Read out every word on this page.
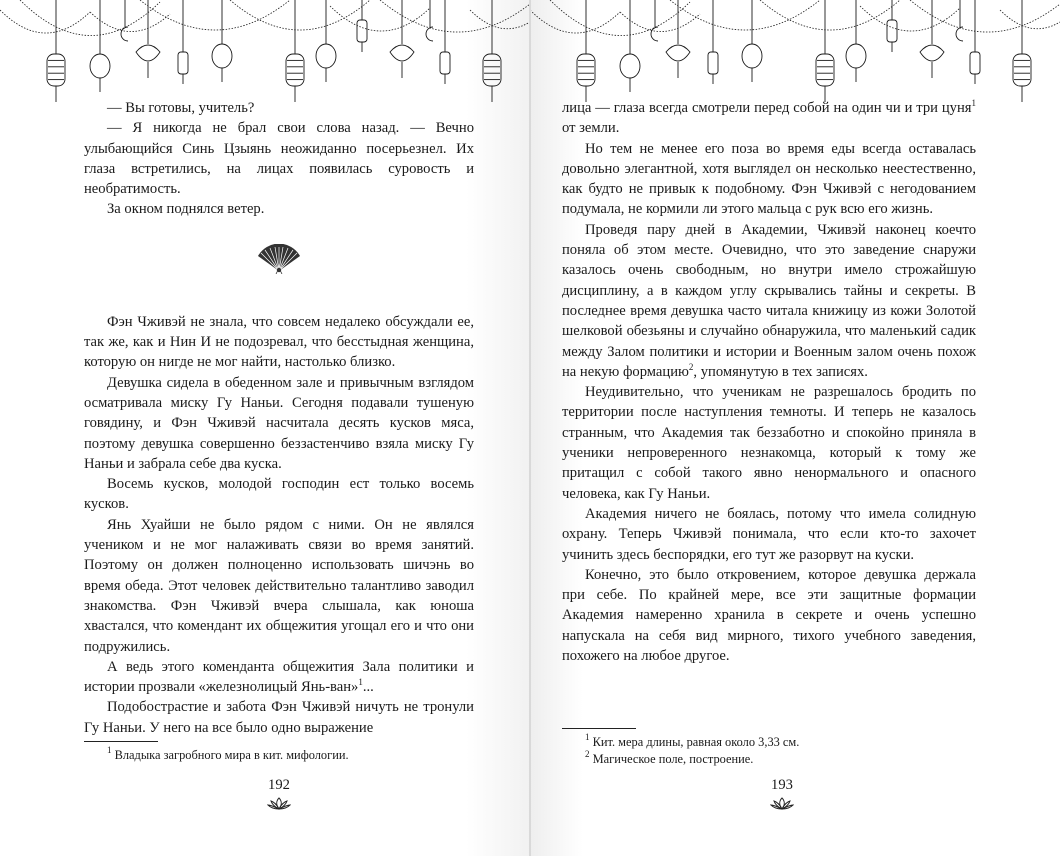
— Вы готовы, учитель?

— Я никогда не брал свои слова назад. — Вечно улыбающийся Синь Цзыянь неожиданно посерьезнел. Их глаза встретились, на лицах появилась суровость и необратимость.

За окном поднялся ветер.

Фэн Чживэй не знала, что совсем недалеко обсуждали ее, так же, как и Нин И не подозревал, что бесстыдная женщина, которую он нигде не мог найти, настолько близко.

Девушка сидела в обеденном зале и привычным взглядом осматривала миску Гу Наньи. Сегодня подавали тушеную говядину, и Фэн Чживэй насчитала десять кусков мяса, поэтому девушка совершенно беззастенчиво взяла миску Гу Наньи и забрала себе два куска.

Восемь кусков, молодой господин ест только восемь кусков.

Янь Хуайши не было рядом с ними. Он не являлся учеником и не мог налаживать связи во время занятий. Поэтому он должен полноценно использовать шичэнь во время обеда. Этот человек действительно талантливо заводил знакомства. Фэн Чживэй вчера слышала, как юноша хвастался, что комендант их общежития угощал его и что они подружились.

А ведь этого коменданта общежития Зала политики и истории прозвали «железнолицый Янь-ван»$^1$...

Подобострастие и забота Фэн Чживэй ничуть не тронули Гу Наньи. У него на все было одно выражение

$^1$ Владыка загробного мира в кит. мифологии.

192

лица — глаза всегда смотрели перед собой на один чи и три цуня$^1$ от земли.

Но тем не менее его поза во время еды всегда оставалась довольно элегантной, хотя выглядел он несколько неестественно, как будто не привык к подобному. Фэн Чживэй с негодованием подумала, не кормили ли этого мальца с рук всю его жизнь.

Проведя пару дней в Академии, Чживэй наконец коечто поняла об этом месте. Очевидно, что это заведение снаружи казалось очень свободным, но внутри имело строжайшую дисциплину, а в каждом углу скрывались тайны и секреты. В последнее время девушка часто читала книжицу из кожи Золотой шелковой обезьяны и случайно обнаружила, что маленький садик между Залом политики и истории и Военным залом очень похож на некую формацию$^2$, упомянутую в тех записях.

Неудивительно, что ученикам не разрешалось бродить по территории после наступления темноты. И теперь не казалось странным, что Академия так беззаботно и спокойно приняла в ученики непроверенного незнакомца, который к тому же притащил с собой такого явно ненормального и опасного человека, как Гу Наньи.

Академия ничего не боялась, потому что имела солидную охрану. Теперь Чживэй понимала, что если кто-то захочет учинить здесь беспорядки, его тут же разорвут на куски.

Конечно, это было откровением, которое девушка держала при себе. По крайней мере, все эти защитные формации Академия намеренно хранила в секрете и очень успешно напускала на себя вид мирного, тихого учебного заведения, похожего на любое другое.

$^1$ Кит. мера длины, равная около 3,33 см.

$^2$ Магическое поле, построение.

193
